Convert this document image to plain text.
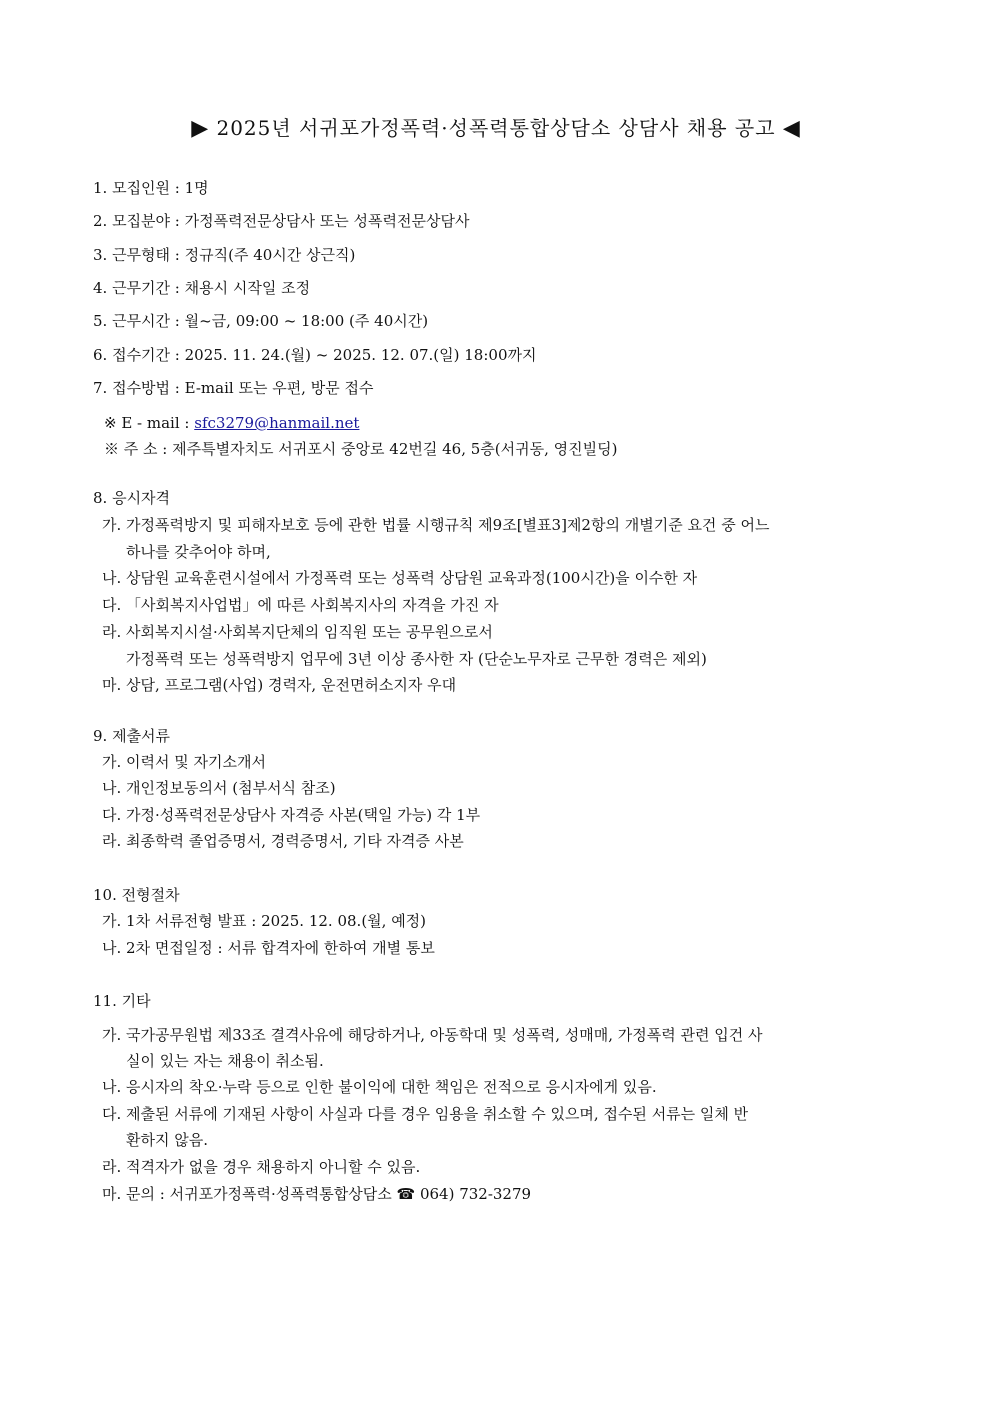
▶ 2025년 서귀포가정폭력·성폭력통합상담소 상담사 채용 공고 ◀
1. 모집인원 : 1명
2. 모집분야 : 가정폭력전문상담사 또는 성폭력전문상담사
3. 근무형태 : 정규직(주 40시간 상근직)
4. 근무기간 : 채용시 시작일 조정
5. 근무시간 : 월~금, 09:00 ~ 18:00 (주 40시간)
6. 접수기간 : 2025. 11. 24.(월) ~ 2025. 12. 07.(일) 18:00까지
7. 접수방법 : E-mail 또는 우편, 방문 접수
※ E - mail : sfc3279@hanmail.net
※ 주 소 : 제주특별자치도 서귀포시 중앙로 42번길 46, 5층(서귀동, 영진빌딩)
8. 응시자격
가. 가정폭력방지 및 피해자보호 등에 관한 법률 시행규칙 제9조[별표3]제2항의 개별기준 요건 중 어느
하나를 갖추어야 하며,
나. 상담원 교육훈련시설에서 가정폭력 또는 성폭력 상담원 교육과정(100시간)을 이수한 자
다. 「사회복지사업법」에 따른 사회복지사의 자격을 가진 자
라. 사회복지시설·사회복지단체의 임직원 또는 공무원으로서
가정폭력 또는 성폭력방지 업무에 3년 이상 종사한 자 (단순노무자로 근무한 경력은 제외)
마. 상담, 프로그램(사업) 경력자, 운전면허소지자 우대
9. 제출서류
가. 이력서 및 자기소개서
나. 개인정보동의서 (첨부서식 참조)
다. 가정·성폭력전문상담사 자격증 사본(택일 가능) 각 1부
라. 최종학력 졸업증명서, 경력증명서, 기타 자격증 사본
10. 전형절차
가. 1차 서류전형 발표 : 2025. 12. 08.(월, 예정)
나. 2차 면접일정 : 서류 합격자에 한하여 개별 통보
11. 기타
가. 국가공무원법 제33조 결격사유에 해당하거나, 아동학대 및 성폭력, 성매매, 가정폭력 관련 입건 사
실이 있는 자는 채용이 취소됨.
나. 응시자의 착오·누락 등으로 인한 불이익에 대한 책임은 전적으로 응시자에게 있음.
다. 제출된 서류에 기재된 사항이 사실과 다를 경우 임용을 취소할 수 있으며, 접수된 서류는 일체 반
환하지 않음.
라. 적격자가 없을 경우 채용하지 아니할 수 있음.
마. 문의 : 서귀포가정폭력·성폭력통합상담소 ☎ 064) 732-3279
